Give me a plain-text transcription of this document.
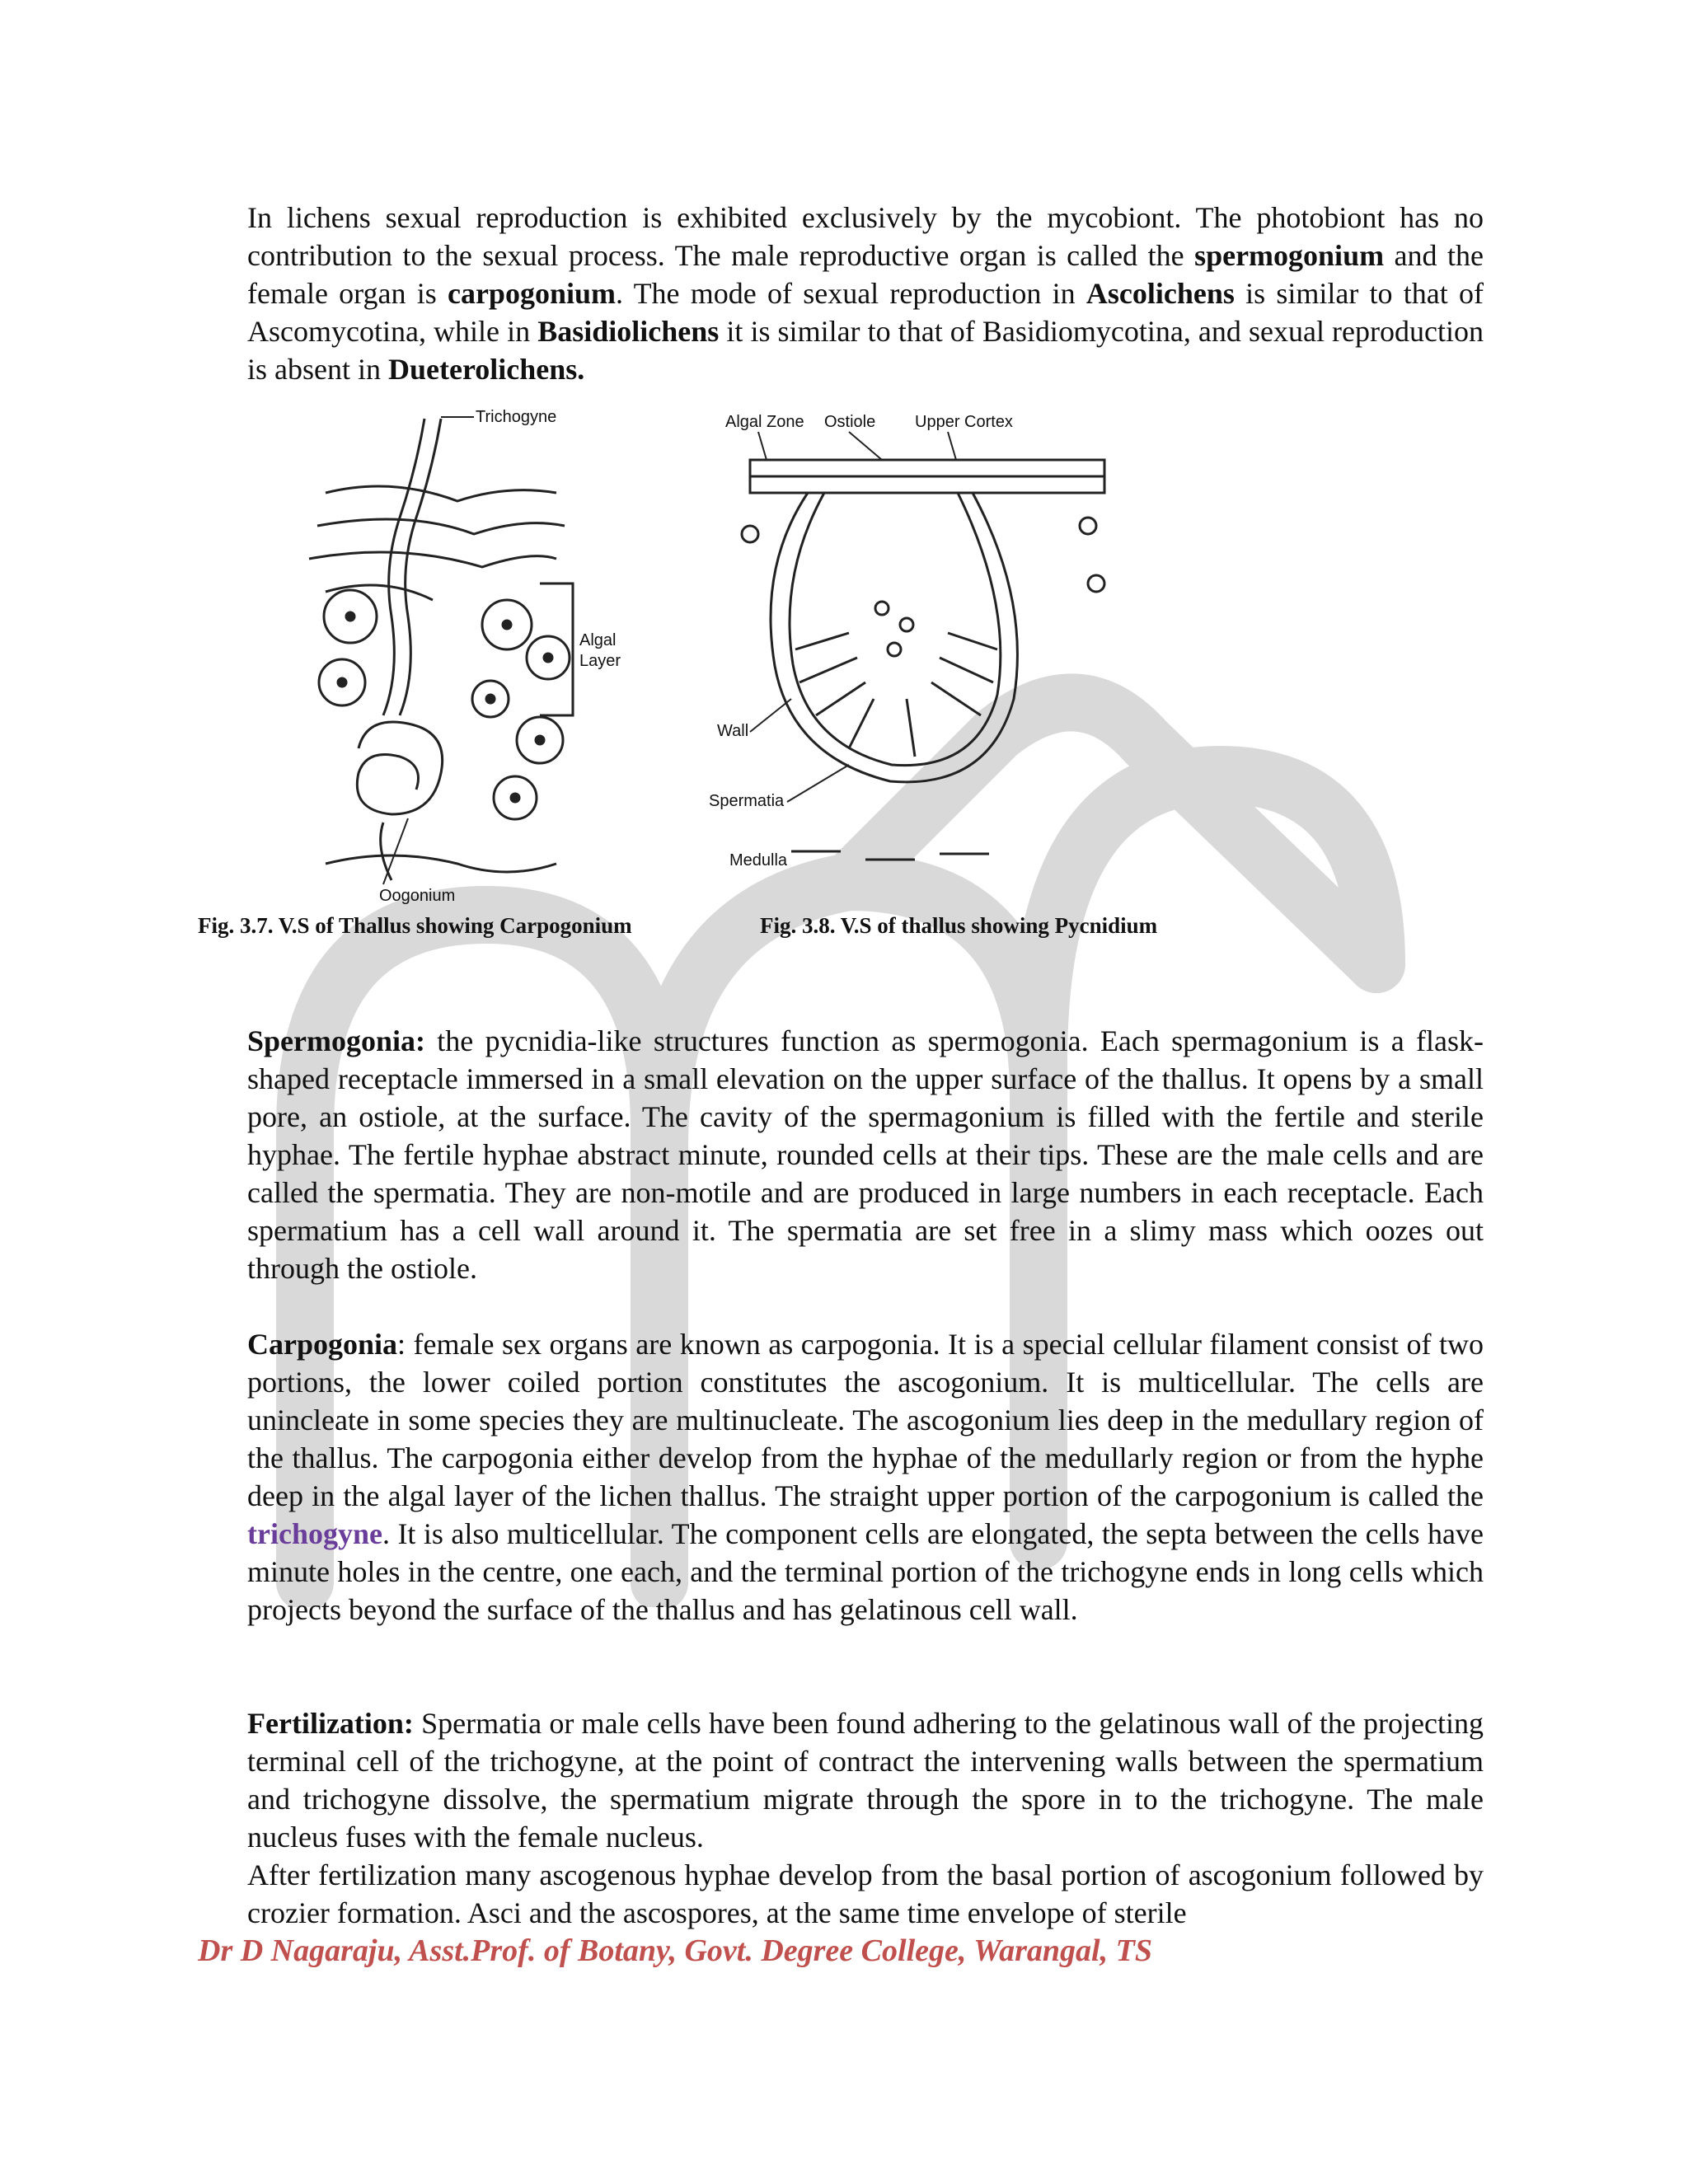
In lichens sexual reproduction is exhibited exclusively by the mycobiont. The photobiont has no contribution to the sexual process. The male reproductive organ is called the spermogonium and the female organ is carpogonium. The mode of sexual reproduction in Ascolichens is similar to that of Ascomycotina, while in Basidiolichens it is similar to that of Basidiomycotina, and sexual reproduction is absent in Dueterolichens.

Trichogyne
Algal
Layer
Oogonium
Algal Zone Ostiole Upper Cortex
Wall
Spermatia
Medulla
Fig. 3.7. V.S of Thallus showing Carpogonium	Fig. 3.8. V.S of thallus showing Pycnidium

Spermogonia: the pycnidia-like structures function as spermogonia. Each spermagonium is a flask-shaped receptacle immersed in a small elevation on the upper surface of the thallus. It opens by a small pore, an ostiole, at the surface. The cavity of the spermagonium is filled with the fertile and sterile hyphae. The fertile hyphae abstract minute, rounded cells at their tips. These are the male cells and are called the spermatia. They are non-motile and are produced in large numbers in each receptacle. Each spermatium has a cell wall around it. The spermatia are set free in a slimy mass which oozes out through the ostiole.

Carpogonia: female sex organs are known as carpogonia. It is a special cellular filament consist of two portions, the lower coiled portion constitutes the ascogonium. It is multicellular. The cells are unincleate in some species they are multinucleate. The ascogonium lies deep in the medullary region of the thallus. The carpogonia either develop from the hyphae of the medullarly region or from the hyphe deep in the algal layer of the lichen thallus. The straight upper portion of the carpogonium is called the trichogyne. It is also multicellular. The component cells are elongated, the septa between the cells have minute holes in the centre, one each, and the terminal portion of the trichogyne ends in long cells which projects beyond the surface of the thallus and has gelatinous cell wall.

Fertilization: Spermatia or male cells have been found adhering to the gelatinous wall of the projecting terminal cell of the trichogyne, at the point of contract the intervening walls between the spermatium and trichogyne dissolve, the spermatium migrate through the spore in to the trichogyne. The male nucleus fuses with the female nucleus.

After fertilization many ascogenous hyphae develop from the basal portion of ascogonium followed by crozier formation. Asci and the ascospores, at the same time envelope of sterile

Dr D Nagaraju, Asst.Prof. of Botany, Govt. Degree College, Warangal, TS
